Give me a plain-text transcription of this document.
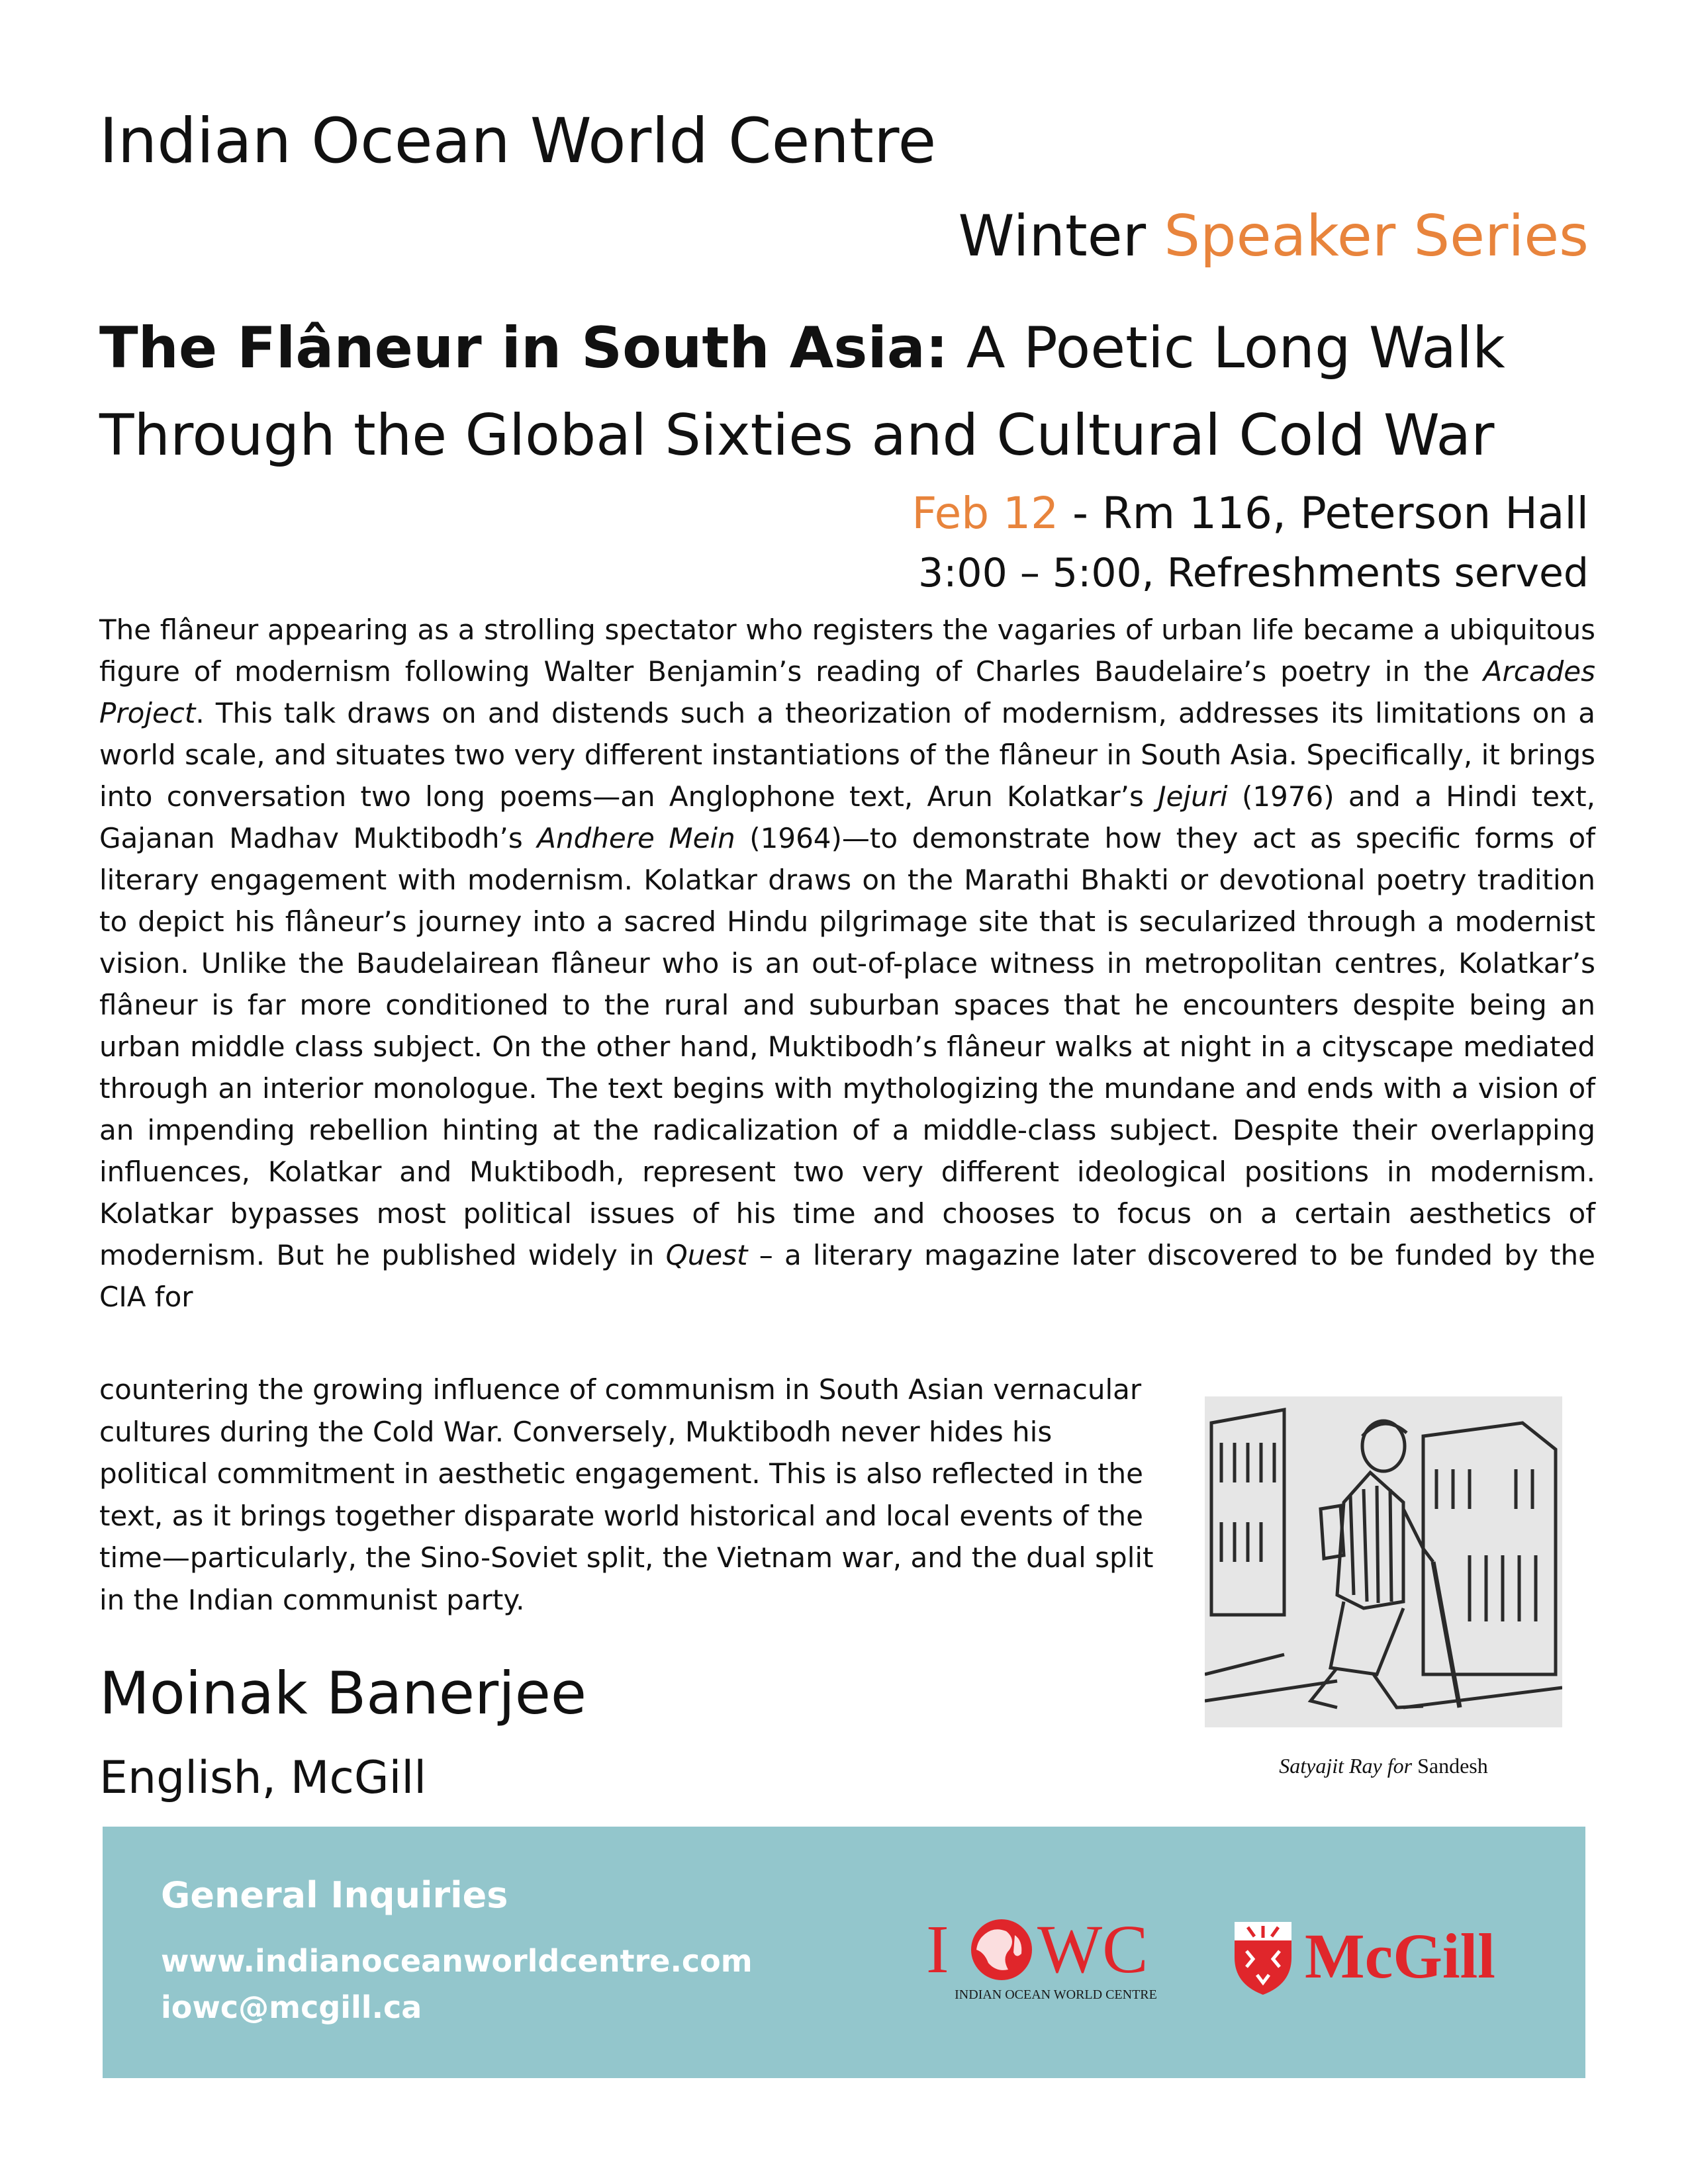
Indian Ocean World Centre
Winter Speaker Series
The Flâneur in South Asia: A Poetic Long Walk Through the Global Sixties and Cultural Cold War
Feb 12 - Rm 116, Peterson Hall
3:00 – 5:00, Refreshments served

The flâneur appearing as a strolling spectator who registers the vagaries of urban life became a ubiquitous figure of modernism following Walter Benjamin’s reading of Charles Baudelaire’s poetry in the Arcades Project. This talk draws on and distends such a theorization of modernism, addresses its limitations on a world scale, and situates two very different instantiations of the flâneur in South Asia. Specifically, it brings into conversation two long poems—an Anglophone text, Arun Kolatkar’s Jejuri (1976) and a Hindi text, Gajanan Madhav Muktibodh’s Andhere Mein (1964)—to demonstrate how they act as specific forms of literary engagement with modernism. Kolatkar draws on the Marathi Bhakti or devotional poetry tradition to depict his flâneur’s journey into a sacred Hindu pilgrimage site that is secularized through a modernist vision. Unlike the Baudelairean flâneur who is an out-of-place witness in metropolitan centres, Kolatkar’s flâneur is far more conditioned to the rural and suburban spaces that he encounters despite being an urban middle class subject. On the other hand, Muktibodh’s flâneur walks at night in a cityscape mediated through an interior monologue. The text begins with mythologizing the mundane and ends with a vision of an impending rebellion hinting at the radicalization of a middle-class subject. Despite their overlapping influences, Kolatkar and Muktibodh, represent two very different ideological positions in modernism. Kolatkar bypasses most political issues of his time and chooses to focus on a certain aesthetics of modernism. But he published widely in Quest – a literary magazine later discovered to be funded by the CIA for

countering the growing influence of communism in South Asian vernacular cultures during the Cold War. Conversely, Muktibodh never hides his political commitment in aesthetic engagement. This is also reflected in the text, as it brings together disparate world historical and local events of the time—particularly, the Sino-Soviet split, the Vietnam war, and the dual split in the Indian communist party.

Satyajit Ray for Sandesh
Moinak Banerjee
English, McGill
General Inquiries
www.indianoceanworldcentre.com
iowc@mcgill.ca
I WC
INDIAN OCEAN WORLD CENTRE
McGill
